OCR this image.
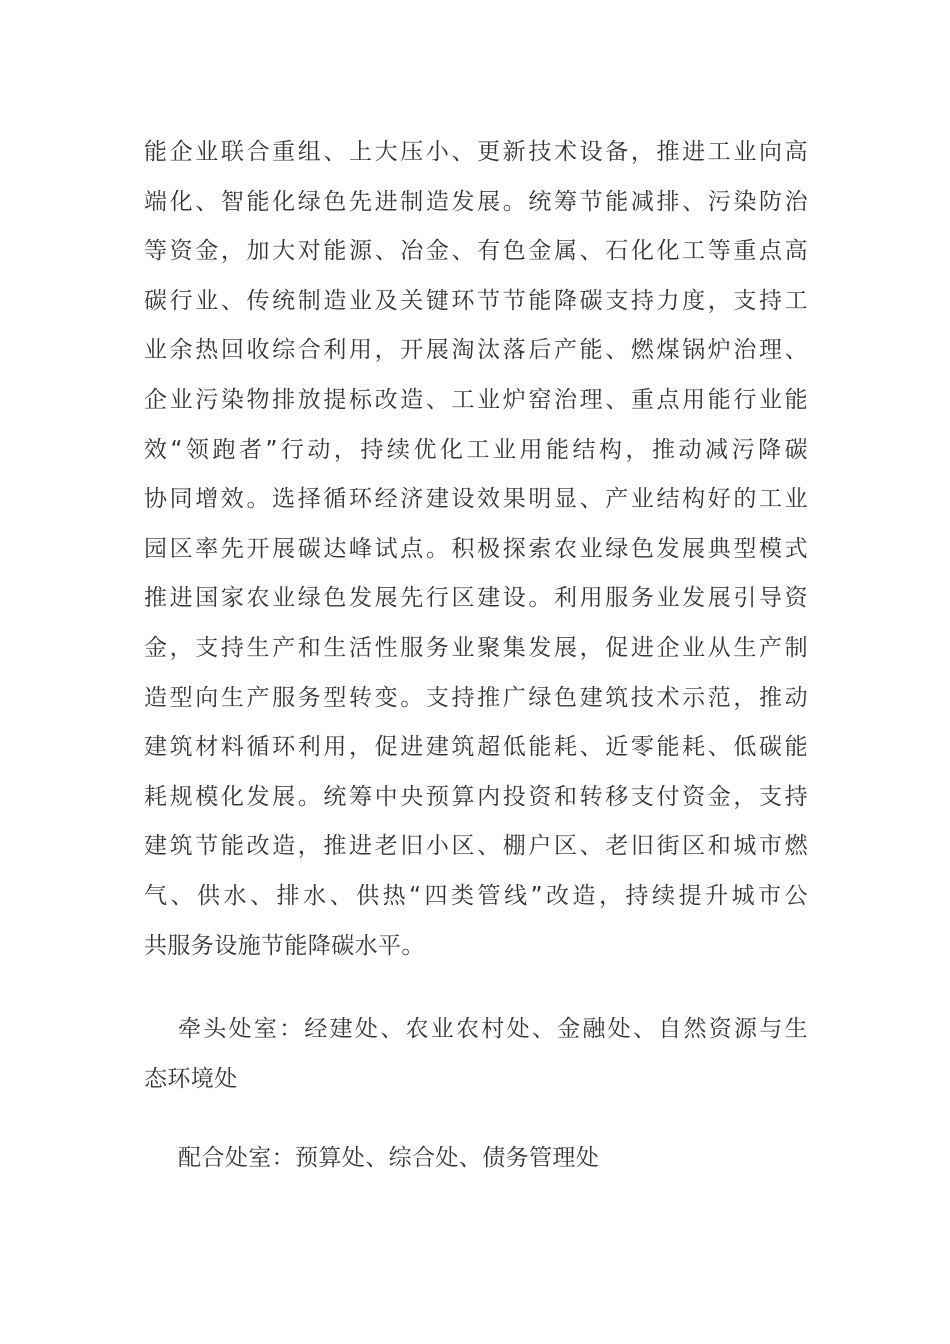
能企业联合重组、上大压小、更新技术设备，推进工业向高
端化、智能化绿色先进制造发展。统筹节能减排、污染防治
等资金，加大对能源、冶金、有色金属、石化化工等重点高
碳行业、传统制造业及关键环节节能降碳支持力度，支持工
业余热回收综合利用，开展淘汰落后产能、燃煤锅炉治理、
企业污染物排放提标改造、工业炉窑治理、重点用能行业能
效“领跑者”行动，持续优化工业用能结构，推动减污降碳
协同增效。选择循环经济建设效果明显、产业结构好的工业
园区率先开展碳达峰试点。积极探索农业绿色发展典型模式
推进国家农业绿色发展先行区建设。利用服务业发展引导资
金，支持生产和生活性服务业聚集发展，促进企业从生产制
造型向生产服务型转变。支持推广绿色建筑技术示范，推动
建筑材料循环利用，促进建筑超低能耗、近零能耗、低碳能
耗规模化发展。统筹中央预算内投资和转移支付资金，支持
建筑节能改造，推进老旧小区、棚户区、老旧街区和城市燃
气、供水、排水、供热“四类管线”改造，持续提升城市公
共服务设施节能降碳水平。
牵头处室：经建处、农业农村处、金融处、自然资源与生
态环境处
配合处室：预算处、综合处、债务管理处
